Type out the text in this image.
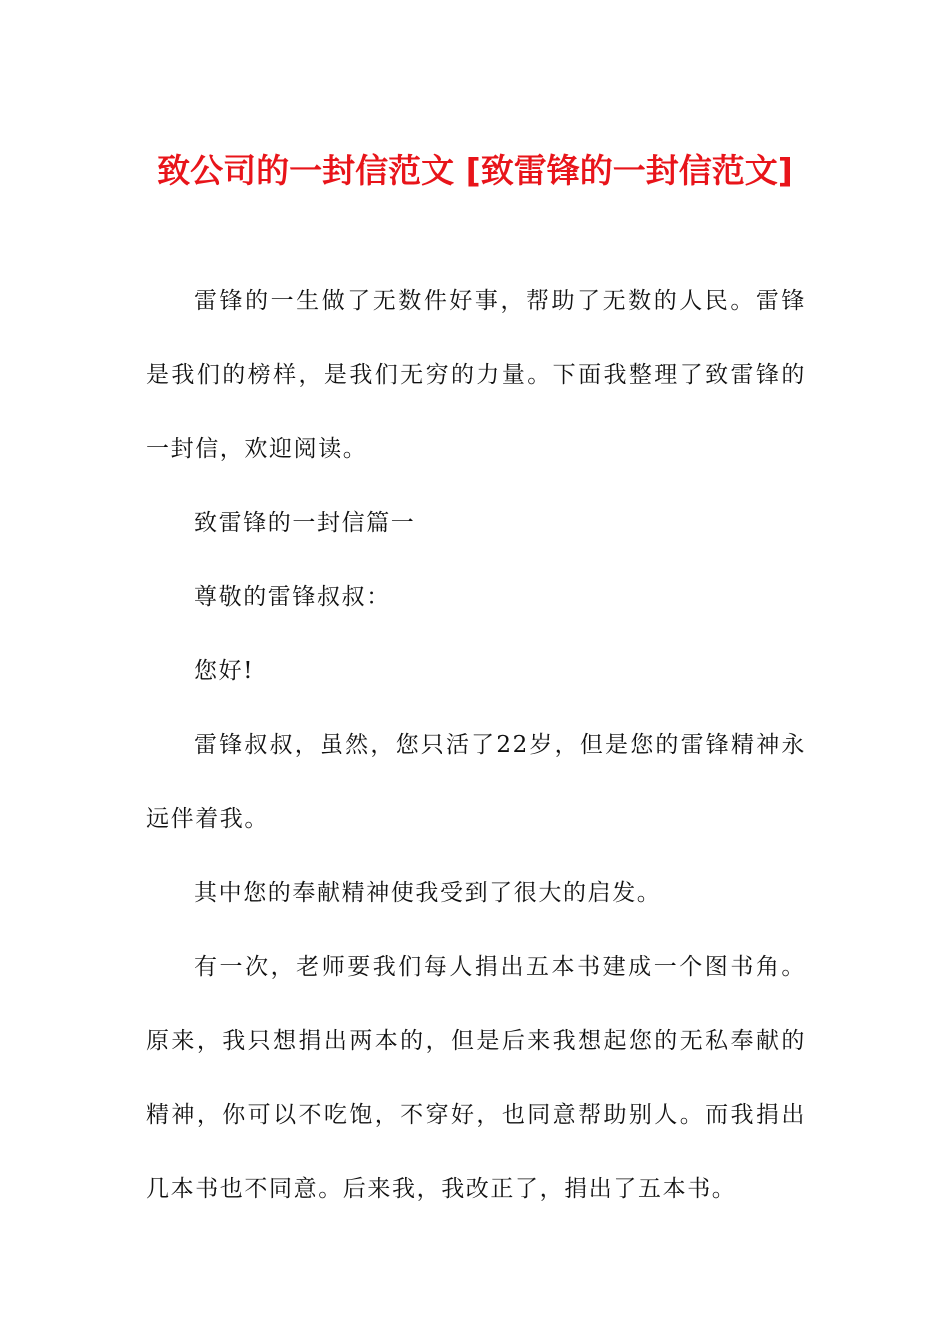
致公司的一封信范文 [致雷锋的一封信范文]

雷锋的一生做了无数件好事，帮助了无数的人民。雷锋是我们的榜样，是我们无穷的力量。下面我整理了致雷锋的一封信，欢迎阅读。

致雷锋的一封信篇一

尊敬的雷锋叔叔：

您好!

雷锋叔叔，虽然，您只活了22岁，但是您的雷锋精神永远伴着我。

其中您的奉献精神使我受到了很大的启发。

有一次，老师要我们每人捐出五本书建成一个图书角。原来，我只想捐出两本的，但是后来我想起您的无私奉献的精神，你可以不吃饱，不穿好，也同意帮助别人。而我捐出几本书也不同意。后来我，我改正了，捐出了五本书。
